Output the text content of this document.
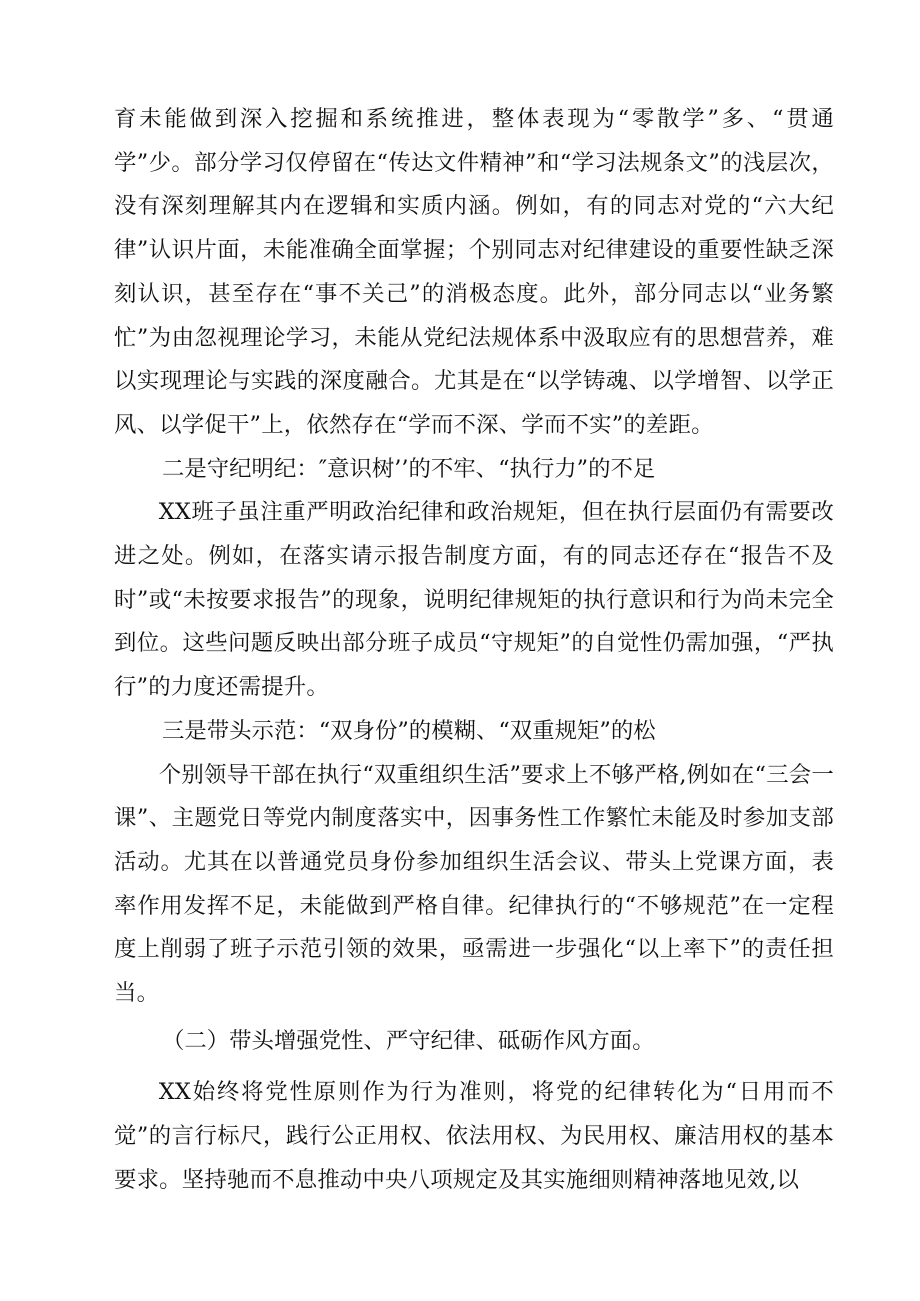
育未能做到深入挖掘和系统推进，整体表现为“零散学”多、“贯通学”少。部分学习仅停留在“传达文件精神”和“学习法规条文”的浅层次，没有深刻理解其内在逻辑和实质内涵。例如，有的同志对党的“六大纪律”认识片面，未能准确全面掌握；个别同志对纪律建设的重要性缺乏深刻认识，甚至存在“事不关己”的消极态度。此外，部分同志以“业务繁忙”为由忽视理论学习，未能从党纪法规体系中汲取应有的思想营养，难以实现理论与实践的深度融合。尤其是在“以学铸魂、以学增智、以学正风、以学促干”上，依然存在“学而不深、学而不实”的差距。

二是守纪明纪：″意识树’’的不牢、“执行力”的不足

XX班子虽注重严明政治纪律和政治规矩，但在执行层面仍有需要改进之处。例如，在落实请示报告制度方面，有的同志还存在“报告不及时”或“未按要求报告”的现象，说明纪律规矩的执行意识和行为尚未完全到位。这些问题反映出部分班子成员“守规矩”的自觉性仍需加强，“严执行”的力度还需提升。

三是带头示范：“双身份”的模糊、“双重规矩”的松

个别领导干部在执行“双重组织生活”要求上不够严格,例如在“三会一课”、主题党日等党内制度落实中，因事务性工作繁忙未能及时参加支部活动。尤其在以普通党员身份参加组织生活会议、带头上党课方面，表率作用发挥不足，未能做到严格自律。纪律执行的“不够规范”在一定程度上削弱了班子示范引领的效果，亟需进一步强化“以上率下”的责任担当。

（二）带头增强党性、严守纪律、砥砺作风方面。

XX始终将党性原则作为行为准则，将党的纪律转化为“日用而不觉”的言行标尺，践行公正用权、依法用权、为民用权、廉洁用权的基本要求。坚持驰而不息推动中央八项规定及其实施细则精神落地见效,以
